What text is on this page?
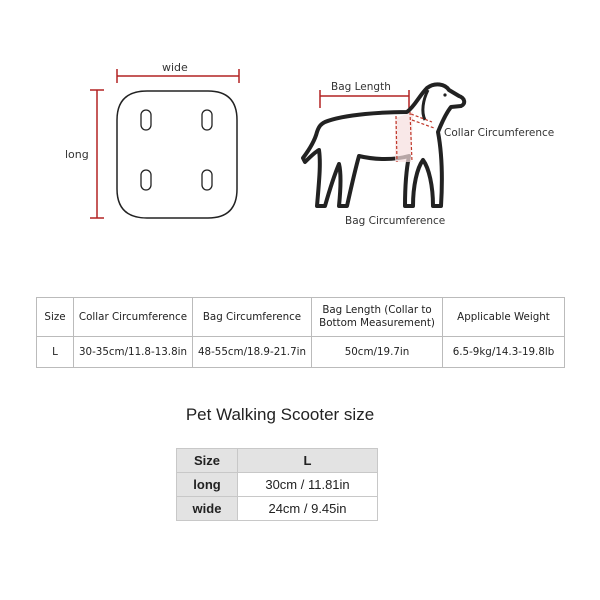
wide
long
Bag Length
Collar Circumference
Bag Circumference
Size	Collar Circumference	Bag Circumference	Bag Length (Collar to Bottom Measurement)	Applicable Weight
L	30-35cm/11.8-13.8in	48-55cm/18.9-21.7in	50cm/19.7in	6.5-9kg/14.3-19.8lb
Pet Walking Scooter size
Size	L
long	30cm / 11.81in
wide	24cm / 9.45in
